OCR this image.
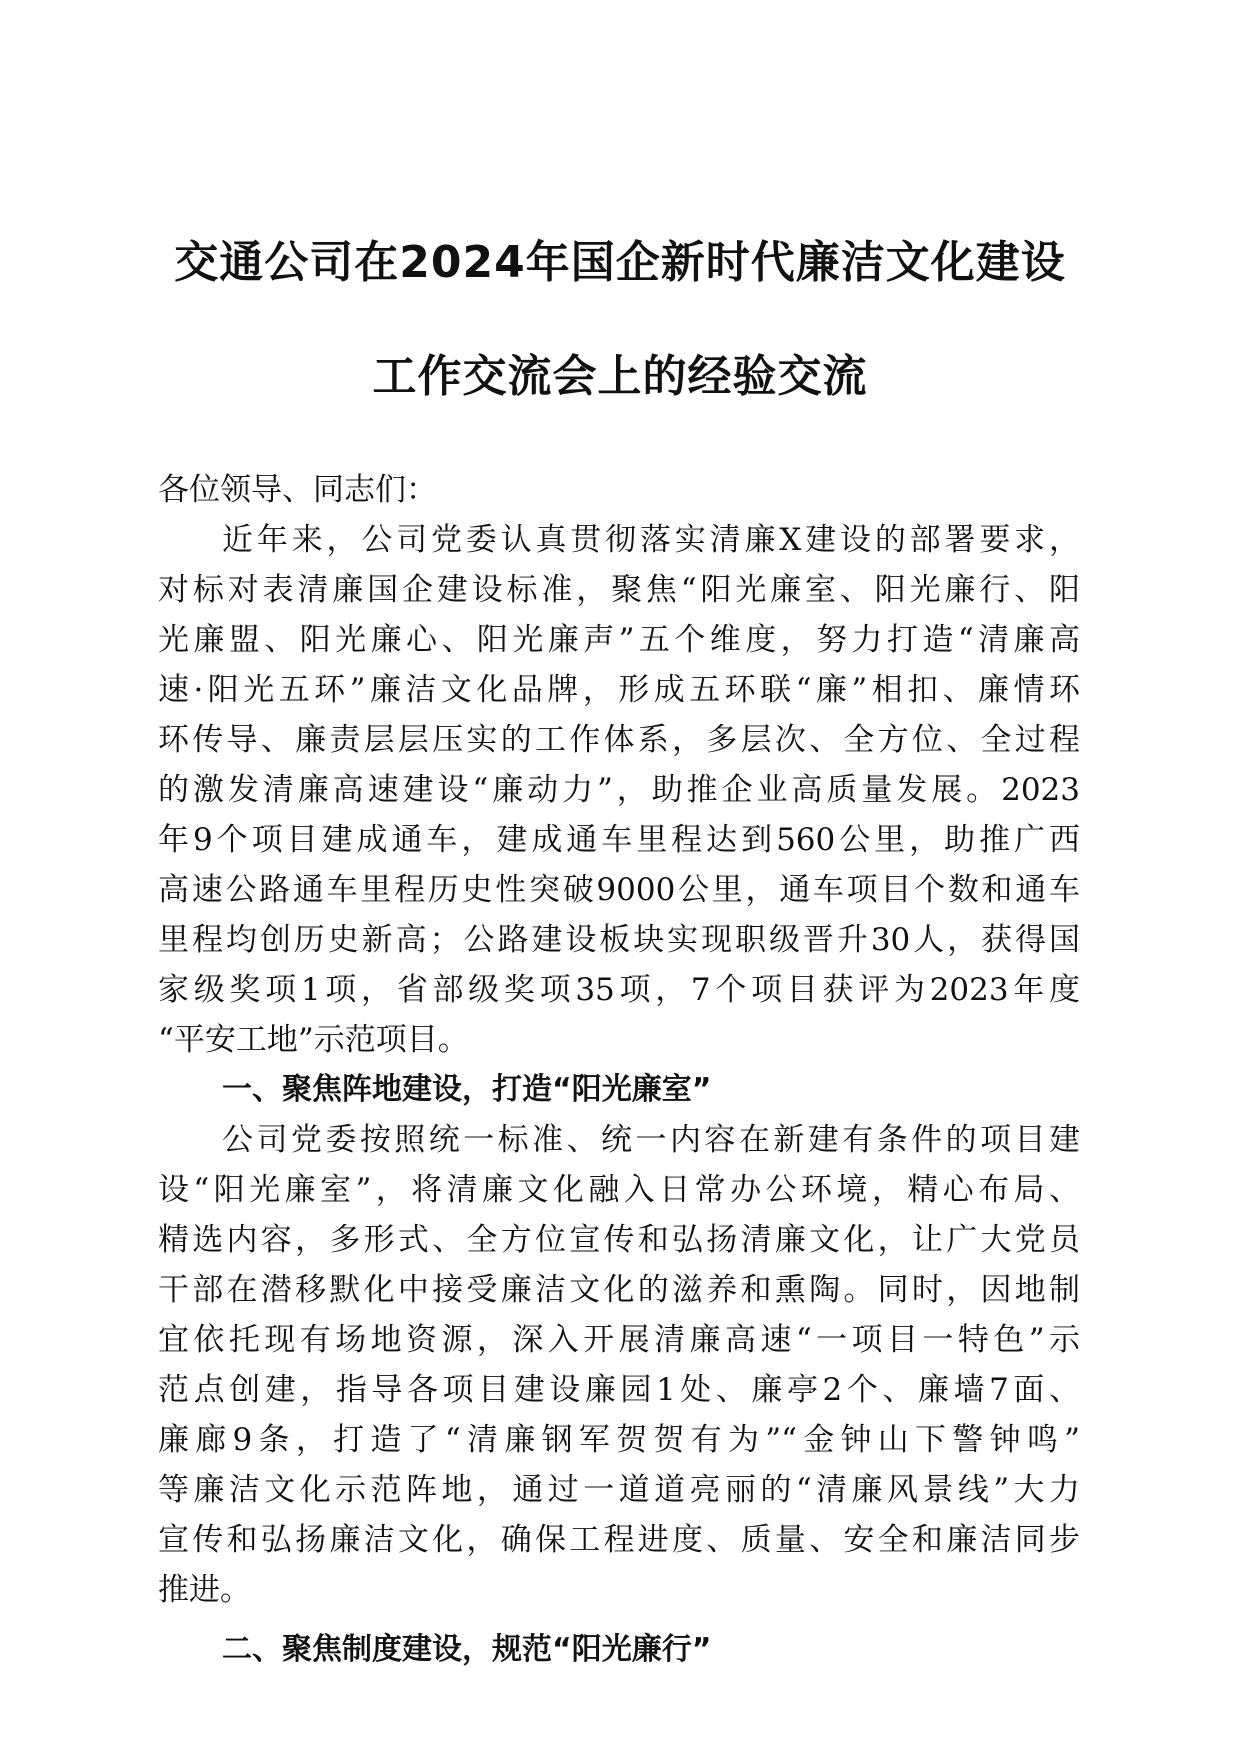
交通公司在2024年国企新时代廉洁文化建设
工作交流会上的经验交流
各位领导、同志们：
近年来，公司党委认真贯彻落实清廉X建设的部署要求，
对标对表清廉国企建设标准，聚焦“阳光廉室、阳光廉行、阳
光廉盟、阳光廉心、阳光廉声”五个维度，努力打造“清廉高
速·阳光五环”廉洁文化品牌，形成五环联“廉”相扣、廉情环
环传导、廉责层层压实的工作体系，多层次、全方位、全过程
的激发清廉高速建设“廉动力”，助推企业高质量发展。2023
年9个项目建成通车，建成通车里程达到560公里，助推广西
高速公路通车里程历史性突破9000公里，通车项目个数和通车
里程均创历史新高；公路建设板块实现职级晋升30人，获得国
家级奖项1项，省部级奖项35项，7个项目获评为2023年度
“平安工地”示范项目。
一、聚焦阵地建设，打造“阳光廉室”
公司党委按照统一标准、统一内容在新建有条件的项目建
设“阳光廉室”，将清廉文化融入日常办公环境，精心布局、
精选内容，多形式、全方位宣传和弘扬清廉文化，让广大党员
干部在潜移默化中接受廉洁文化的滋养和熏陶。同时，因地制
宜依托现有场地资源，深入开展清廉高速“一项目一特色”示
范点创建，指导各项目建设廉园1处、廉亭2个、廉墙7面、
廉廊9条，打造了“清廉钢军贺贺有为”“金钟山下警钟鸣”
等廉洁文化示范阵地，通过一道道亮丽的“清廉风景线”大力
宣传和弘扬廉洁文化，确保工程进度、质量、安全和廉洁同步
推进。
二、聚焦制度建设，规范“阳光廉行”
